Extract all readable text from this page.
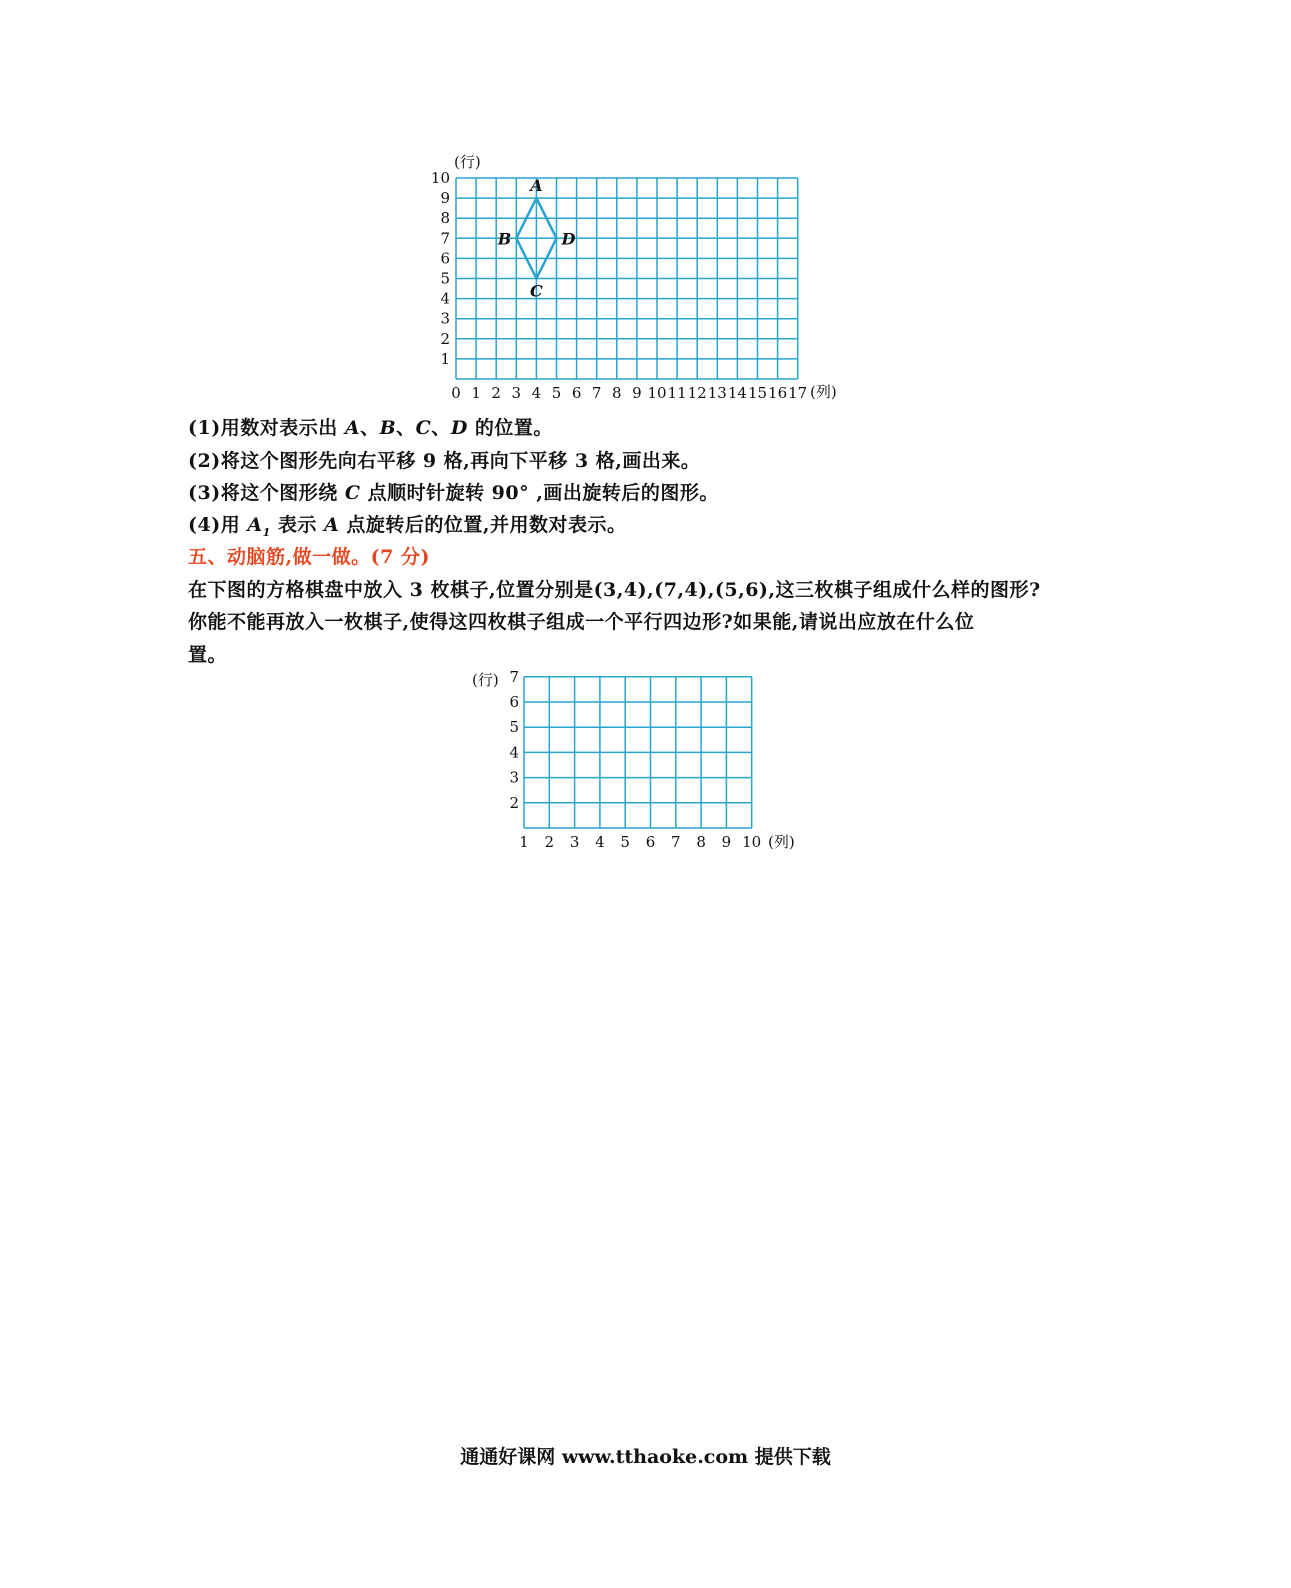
0 1 2 3 4 5 6 7 8 9 10 11 12 13 14 15 16 17
1
2
3
4
5
6
7
8
9
10
(行)
(列)
A
B
C
D
(1)用数对表示出 A、B、C、D 的位置。
(2)将这个图形先向右平移 9 格,再向下平移 3 格,画出来。
(3)将这个图形绕 C 点顺时针旋转 90° ,画出旋转后的图形。
(4)用 $A_1$ 表示 A 点旋转后的位置,并用数对表示。
五、动脑筋,做一做。(7 分)
在下图的方格棋盘中放入 3 枚棋子,位置分别是(3,4),(7,4),(5,6),这三枚棋子组成什么样的图形?
你能不能再放入一枚棋子,使得这四枚棋子组成一个平行四边形?如果能,请说出应放在什么位
置。
1 2 3 4 5 6 7 8 9 10
2
3
4
5
6
7
(行)
(列)
通通好课网 www.tthaoke.com 提供下载
